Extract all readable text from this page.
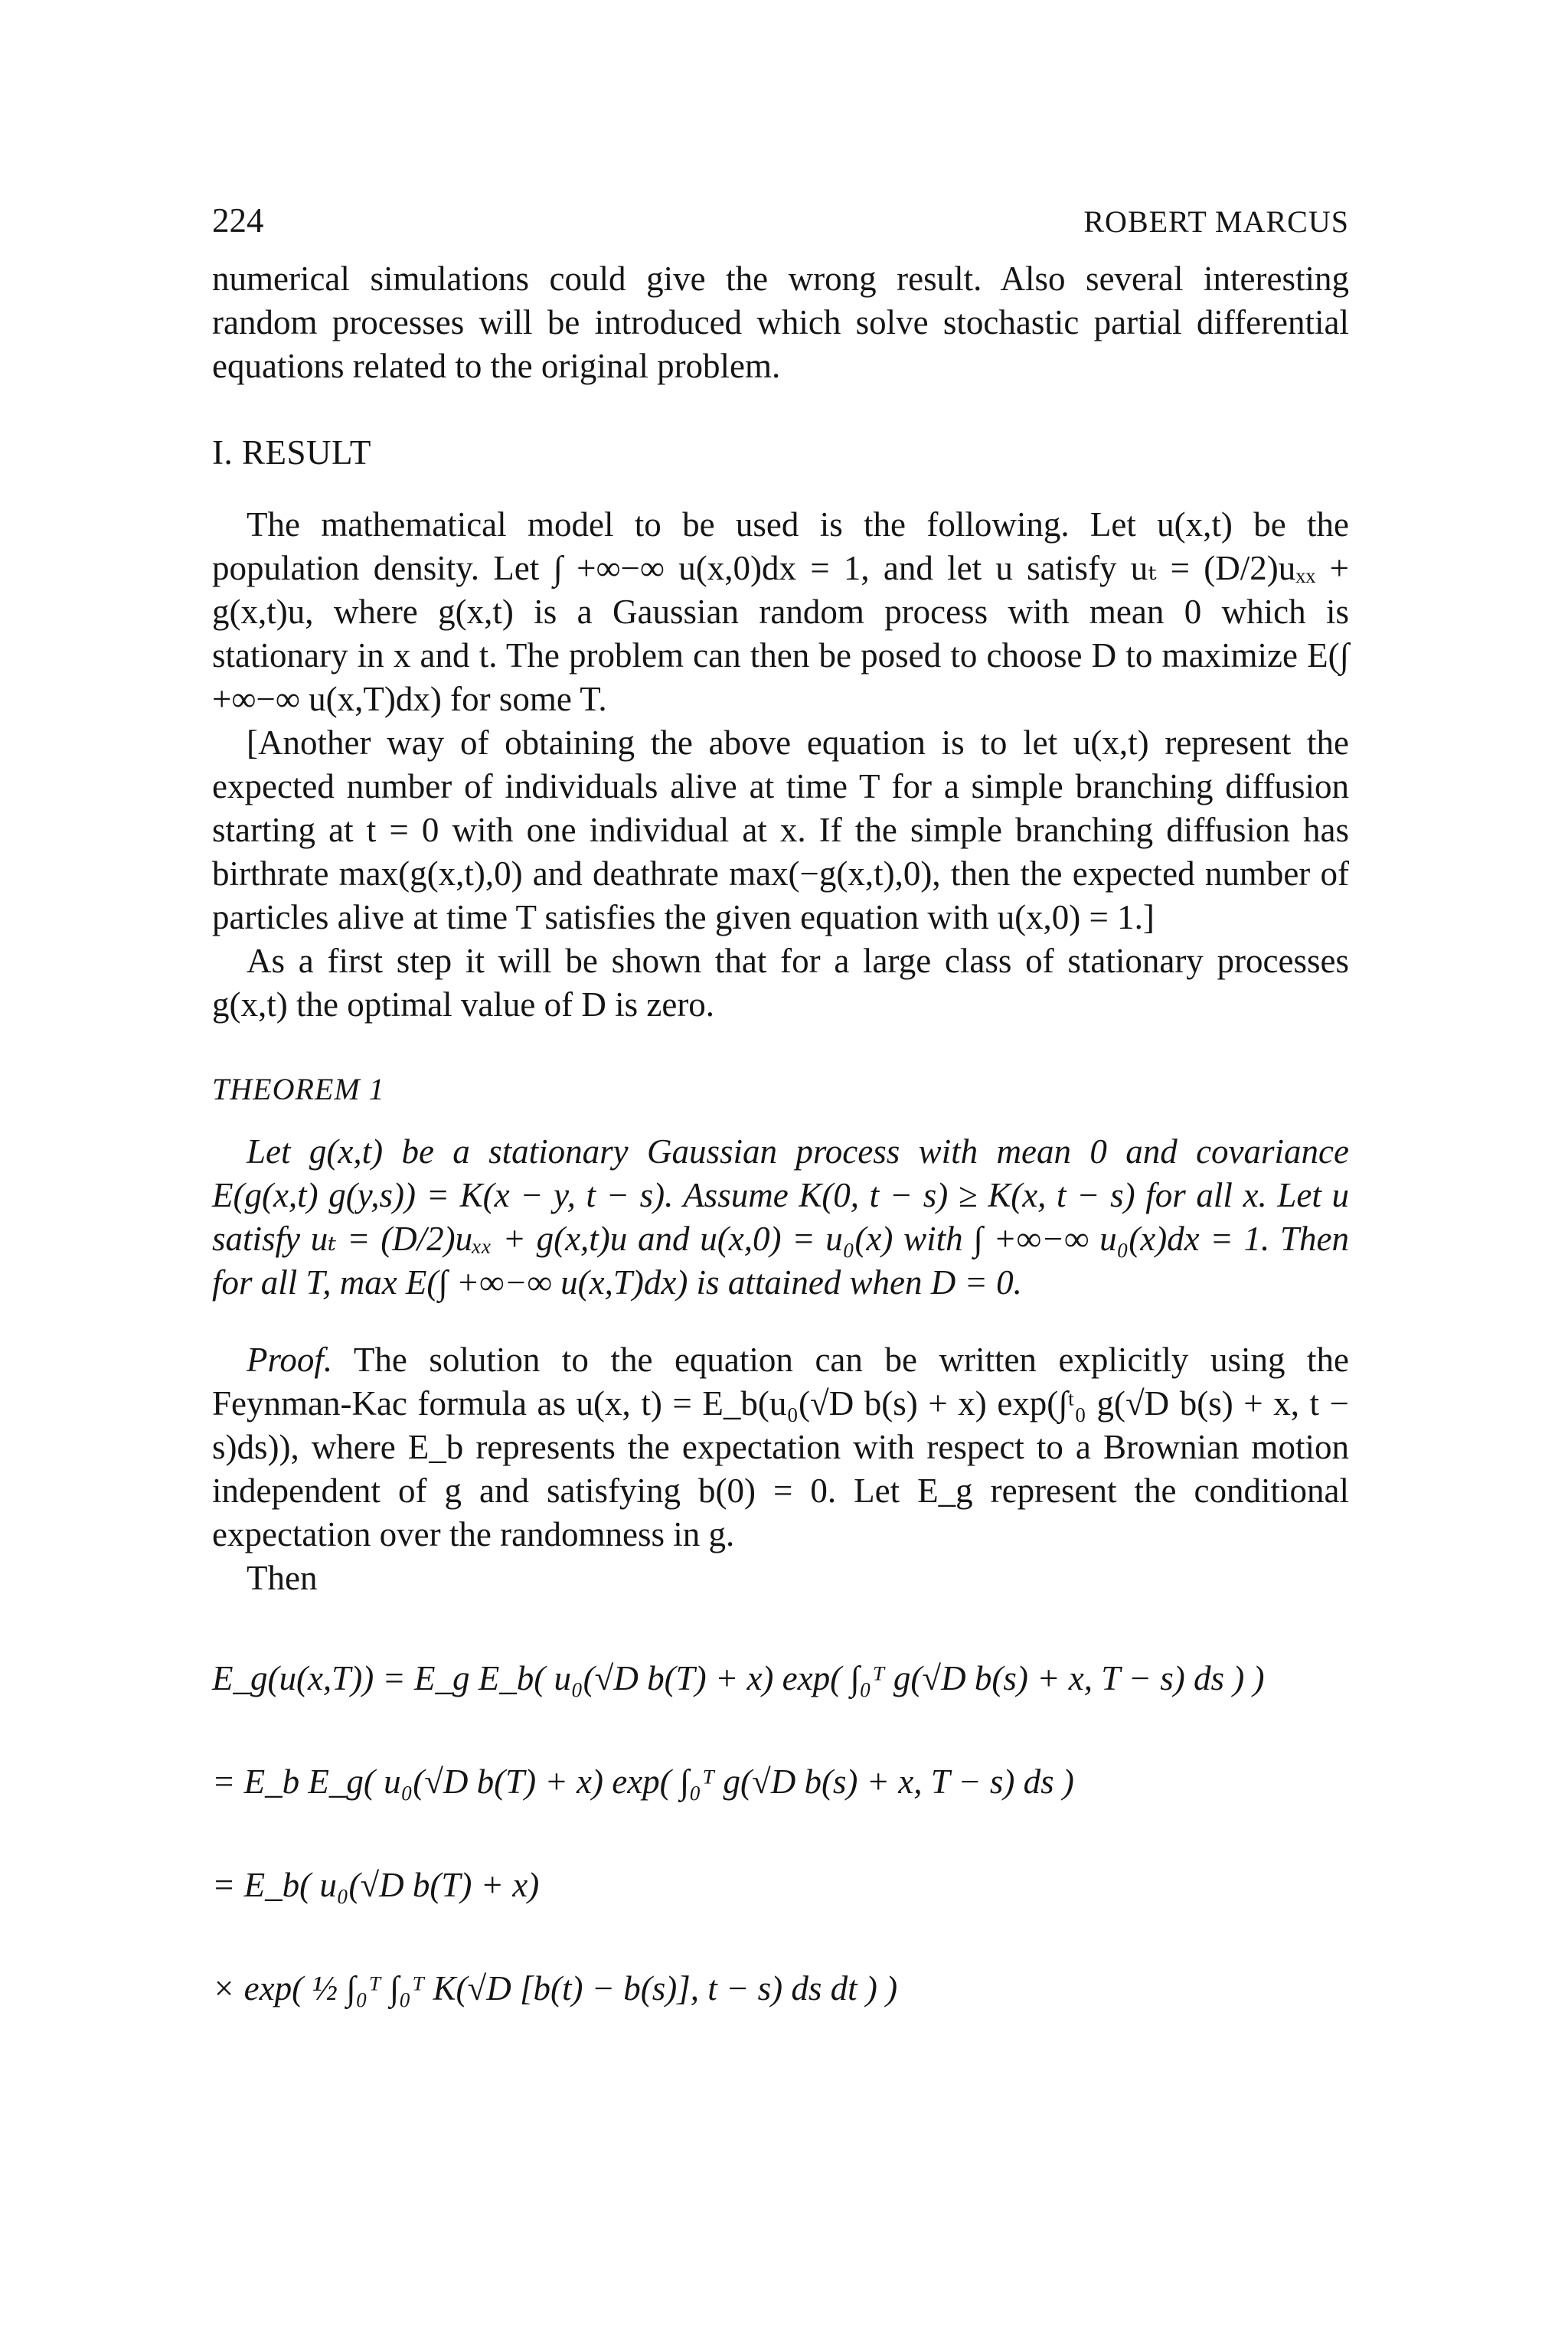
224	ROBERT MARCUS

numerical simulations could give the wrong result. Also several interesting random processes will be introduced which solve stochastic partial differential equations related to the original problem.

I. RESULT

The mathematical model to be used is the following. Let u(x,t) be the population density. Let ∫ +∞−∞ u(x,0)dx = 1, and let u satisfy uₜ = (D/2)uₓₓ + g(x,t)u, where g(x,t) is a Gaussian random process with mean 0 which is stationary in x and t. The problem can then be posed to choose D to maximize E(∫ +∞−∞ u(x,T)dx) for some T.

[Another way of obtaining the above equation is to let u(x,t) represent the expected number of individuals alive at time T for a simple branching diffusion starting at t = 0 with one individual at x. If the simple branching diffusion has birthrate max(g(x,t),0) and deathrate max(−g(x,t),0), then the expected number of particles alive at time T satisfies the given equation with u(x,0) = 1.]

As a first step it will be shown that for a large class of stationary processes g(x,t) the optimal value of D is zero.

THEOREM 1

Let g(x,t) be a stationary Gaussian process with mean 0 and covariance E(g(x,t) g(y,s)) = K(x − y, t − s). Assume K(0, t − s) ≥ K(x, t − s) for all x. Let u satisfy uₜ = (D/2)uₓₓ + g(x,t)u and u(x,0) = u₀(x) with ∫ +∞−∞ u₀(x)dx = 1. Then for all T, max E(∫ +∞−∞ u(x,T)dx) is attained when D = 0.

Proof. The solution to the equation can be written explicitly using the Feynman-Kac formula as u(x, t) = E_b(u₀(√D b(s) + x) exp(∫ᵗ₀ g(√D b(s) + x, t − s)ds)), where E_b represents the expectation with respect to a Brownian motion independent of g and satisfying b(0) = 0. Let E_g represent the conditional expectation over the randomness in g.

Then

E_g(u(x,T)) = E_g E_b( u₀(√D b(T) + x) exp( ∫₀ᵀ g(√D b(s) + x, T − s) ds ) )
= E_b E_g( u₀(√D b(T) + x) exp( ∫₀ᵀ g(√D b(s) + x, T − s) ds )
= E_b( u₀(√D b(T) + x)
× exp( ½ ∫₀ᵀ ∫₀ᵀ K(√D [b(t) − b(s)], t − s) ds dt ) )
